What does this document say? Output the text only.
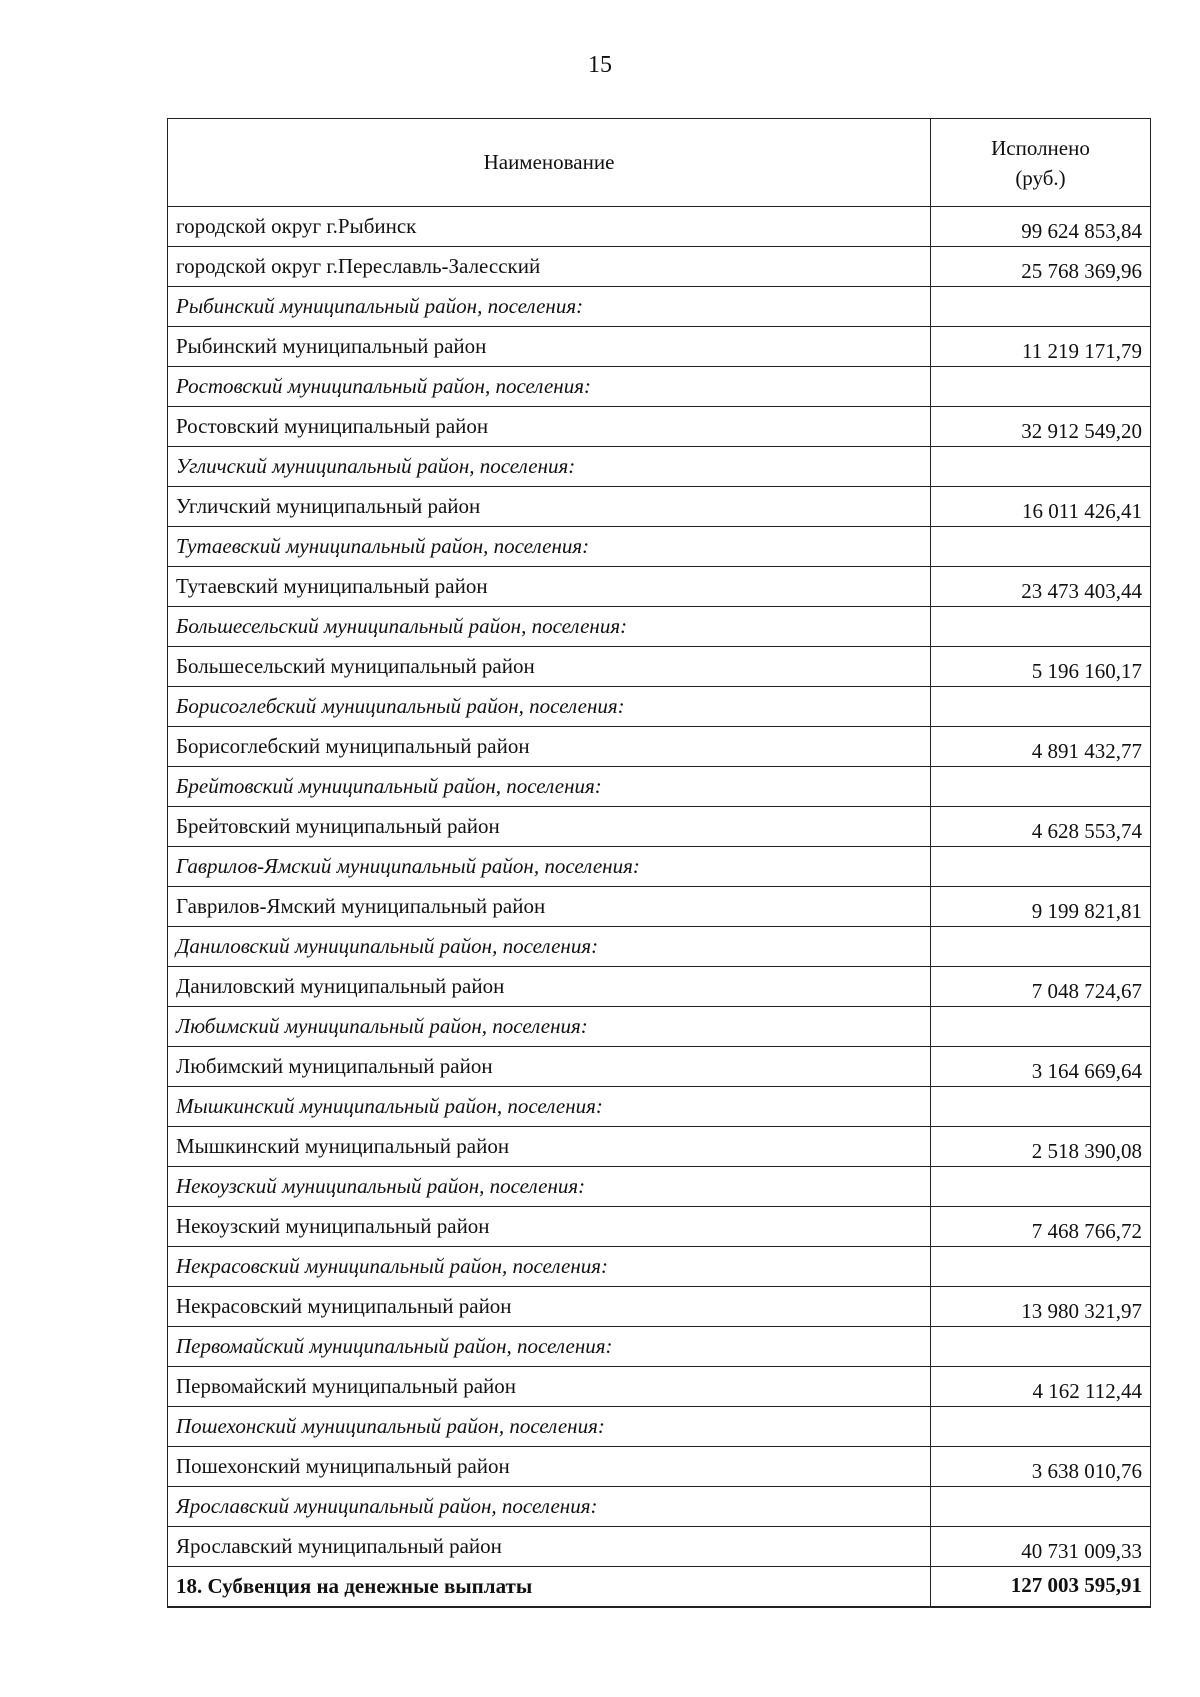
15
Наименование	Исполнено
(руб.)

городской округ г.Рыбинск	99 624 853,84
городской округ г.Переславль-Залесский	25 768 369,96
Рыбинский муниципальный район, поселения:	
Рыбинский муниципальный район	11 219 171,79
Ростовский муниципальный район, поселения:	
Ростовский муниципальный район	32 912 549,20
Угличский муниципальный район, поселения:	
Угличский муниципальный район	16 011 426,41
Тутаевский муниципальный район, поселения:	
Тутаевский муниципальный район	23 473 403,44
Большесельский муниципальный район, поселения:	
Большесельский муниципальный район	5 196 160,17
Борисоглебский муниципальный район, поселения:	
Борисоглебский муниципальный район	4 891 432,77
Брейтовский муниципальный район, поселения:	
Брейтовский муниципальный район	4 628 553,74
Гаврилов-Ямский муниципальный район, поселения:	
Гаврилов-Ямский муниципальный район	9 199 821,81
Даниловский муниципальный район, поселения:	
Даниловский муниципальный район	7 048 724,67
Любимский муниципальный район, поселения:	
Любимский муниципальный район	3 164 669,64
Мышкинский муниципальный район, поселения:	
Мышкинский муниципальный район	2 518 390,08
Некоузский муниципальный район, поселения:	
Некоузский муниципальный район	7 468 766,72
Некрасовский муниципальный район, поселения:	
Некрасовский муниципальный район	13 980 321,97
Первомайский муниципальный район, поселения:	
Первомайский муниципальный район	4 162 112,44
Пошехонский муниципальный район, поселения:	
Пошехонский муниципальный район	3 638 010,76
Ярославский муниципальный район, поселения:	
Ярославский муниципальный район	40 731 009,33
18. Субвенция на денежные выплаты	127 003 595,91
